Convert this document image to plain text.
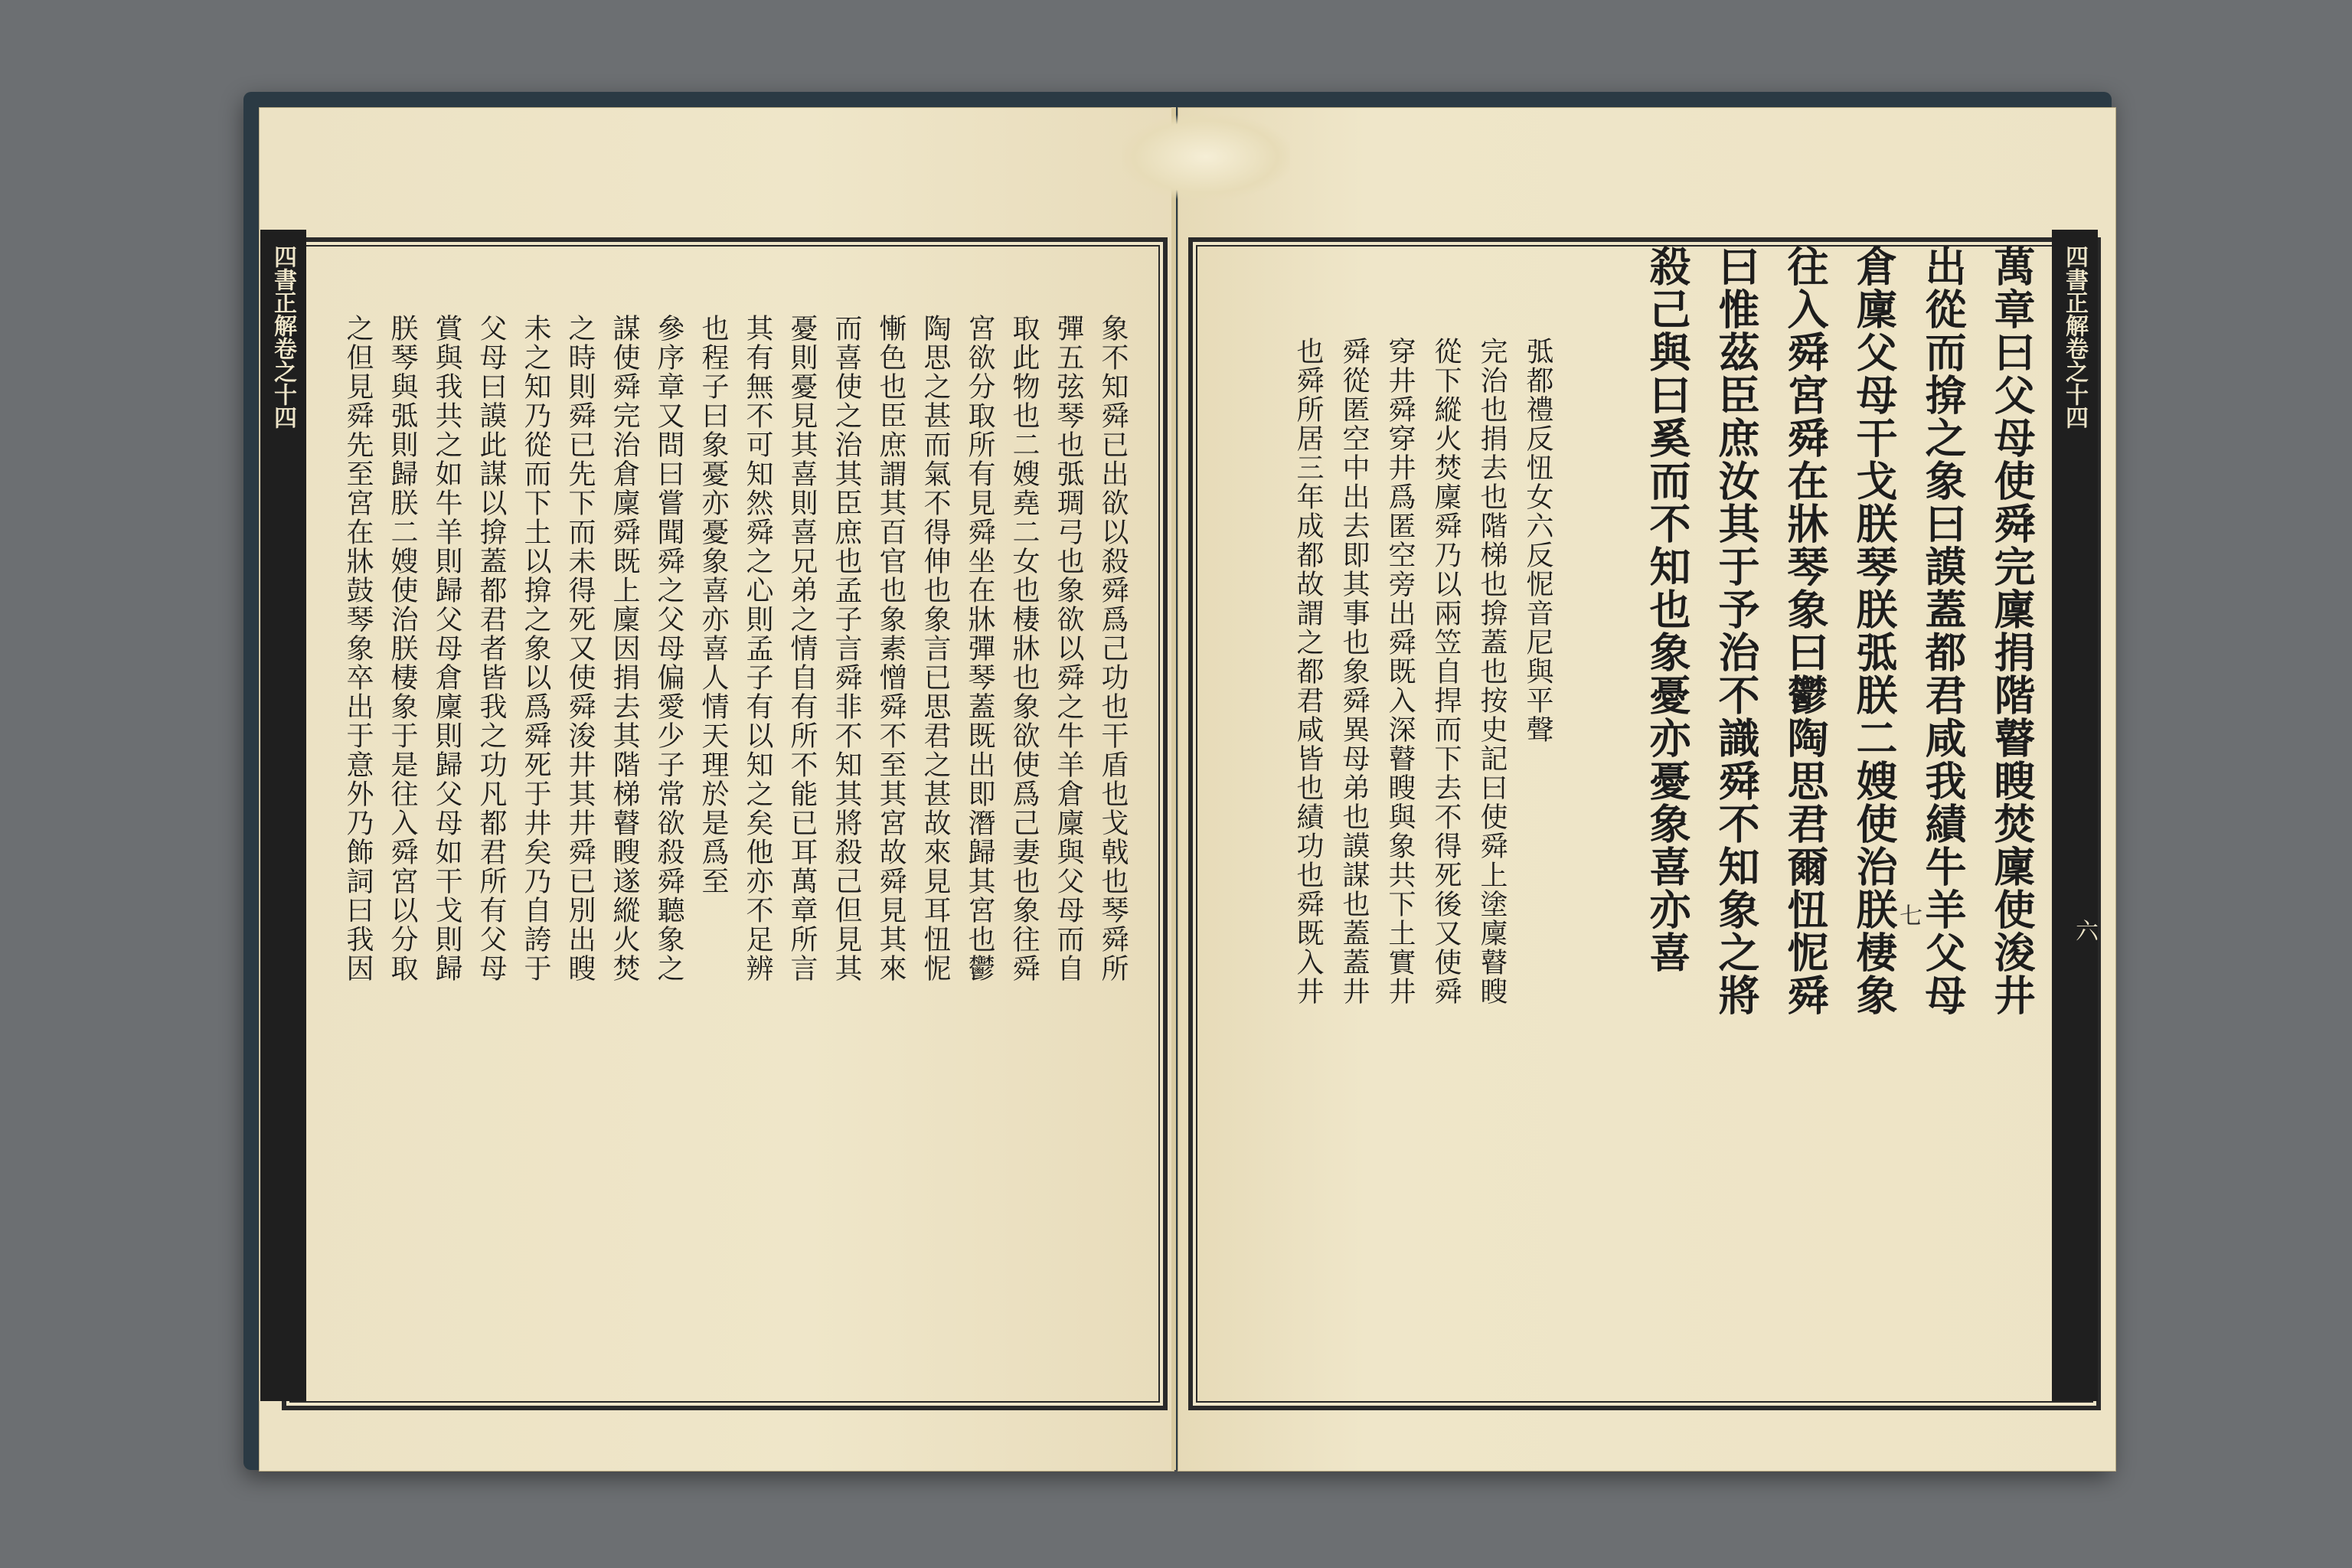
四書正解卷之十四
七
四書正解卷之十四
六
象不知舜已出欲以殺舜爲己功也干盾也戈戟也琴舜所
彈五弦琴也弤琱弓也象欲以舜之牛羊倉廩與父母而自
取此物也二嫂堯二女也棲牀也象欲使爲己妻也象往舜
宮欲分取所有見舜坐在牀彈琴蓋既出即潛歸其宮也鬱
陶思之甚而氣不得伸也象言已思君之甚故來見耳忸怩
慚色也臣庶謂其百官也象素憎舜不至其宮故舜見其來
而喜使之治其臣庶也孟子言舜非不知其將殺己但見其
憂則憂見其喜則喜兄弟之情自有所不能已耳萬章所言
其有無不可知然舜之心則孟子有以知之矣他亦不足辨
也程子曰象憂亦憂象喜亦喜人情天理於是爲至
參序章又問曰嘗聞舜之父母偏愛少子常欲殺舜聽象之
謀使舜完治倉廩舜既上廩因捐去其階梯瞽瞍遂縱火焚
之時則舜已先下而未得死又使舜浚井其井舜已別出瞍
未之知乃從而下土以揜之象以爲舜死于井矣乃自誇于
父母曰謨此謀以揜蓋都君者皆我之功凡都君所有父母
賞與我共之如牛羊則歸父母倉廩則歸父母如干戈則歸
朕琴與弤則歸朕二嫂使治朕棲象于是往入舜宮以分取
之但見舜先至宮在牀鼓琴象卒出于意外乃飾詞曰我因	萬章曰父母使舜完廩捐階瞽瞍焚廩使浚井
出從而揜之象曰謨蓋都君咸我績牛羊父母
倉廩父母干戈朕琴朕弤朕二嫂使治朕棲象
往入舜宮舜在牀琴象曰鬱陶思君爾忸怩舜
曰惟茲臣庶汝其于予治不識舜不知象之將
殺己與曰奚而不知也象憂亦憂象喜亦喜
弤都禮反忸女六反怩音尼與平聲
完治也捐去也階梯也揜蓋也按史記曰使舜上塗廩瞽瞍
從下縱火焚廩舜乃以兩笠自捍而下去不得死後又使舜
穿井舜穿井爲匿空旁出舜既入深瞽瞍與象共下土實井
舜從匿空中出去即其事也象舜異母弟也謨謀也蓋蓋井
也舜所居三年成都故謂之都君咸皆也績功也舜既入井
